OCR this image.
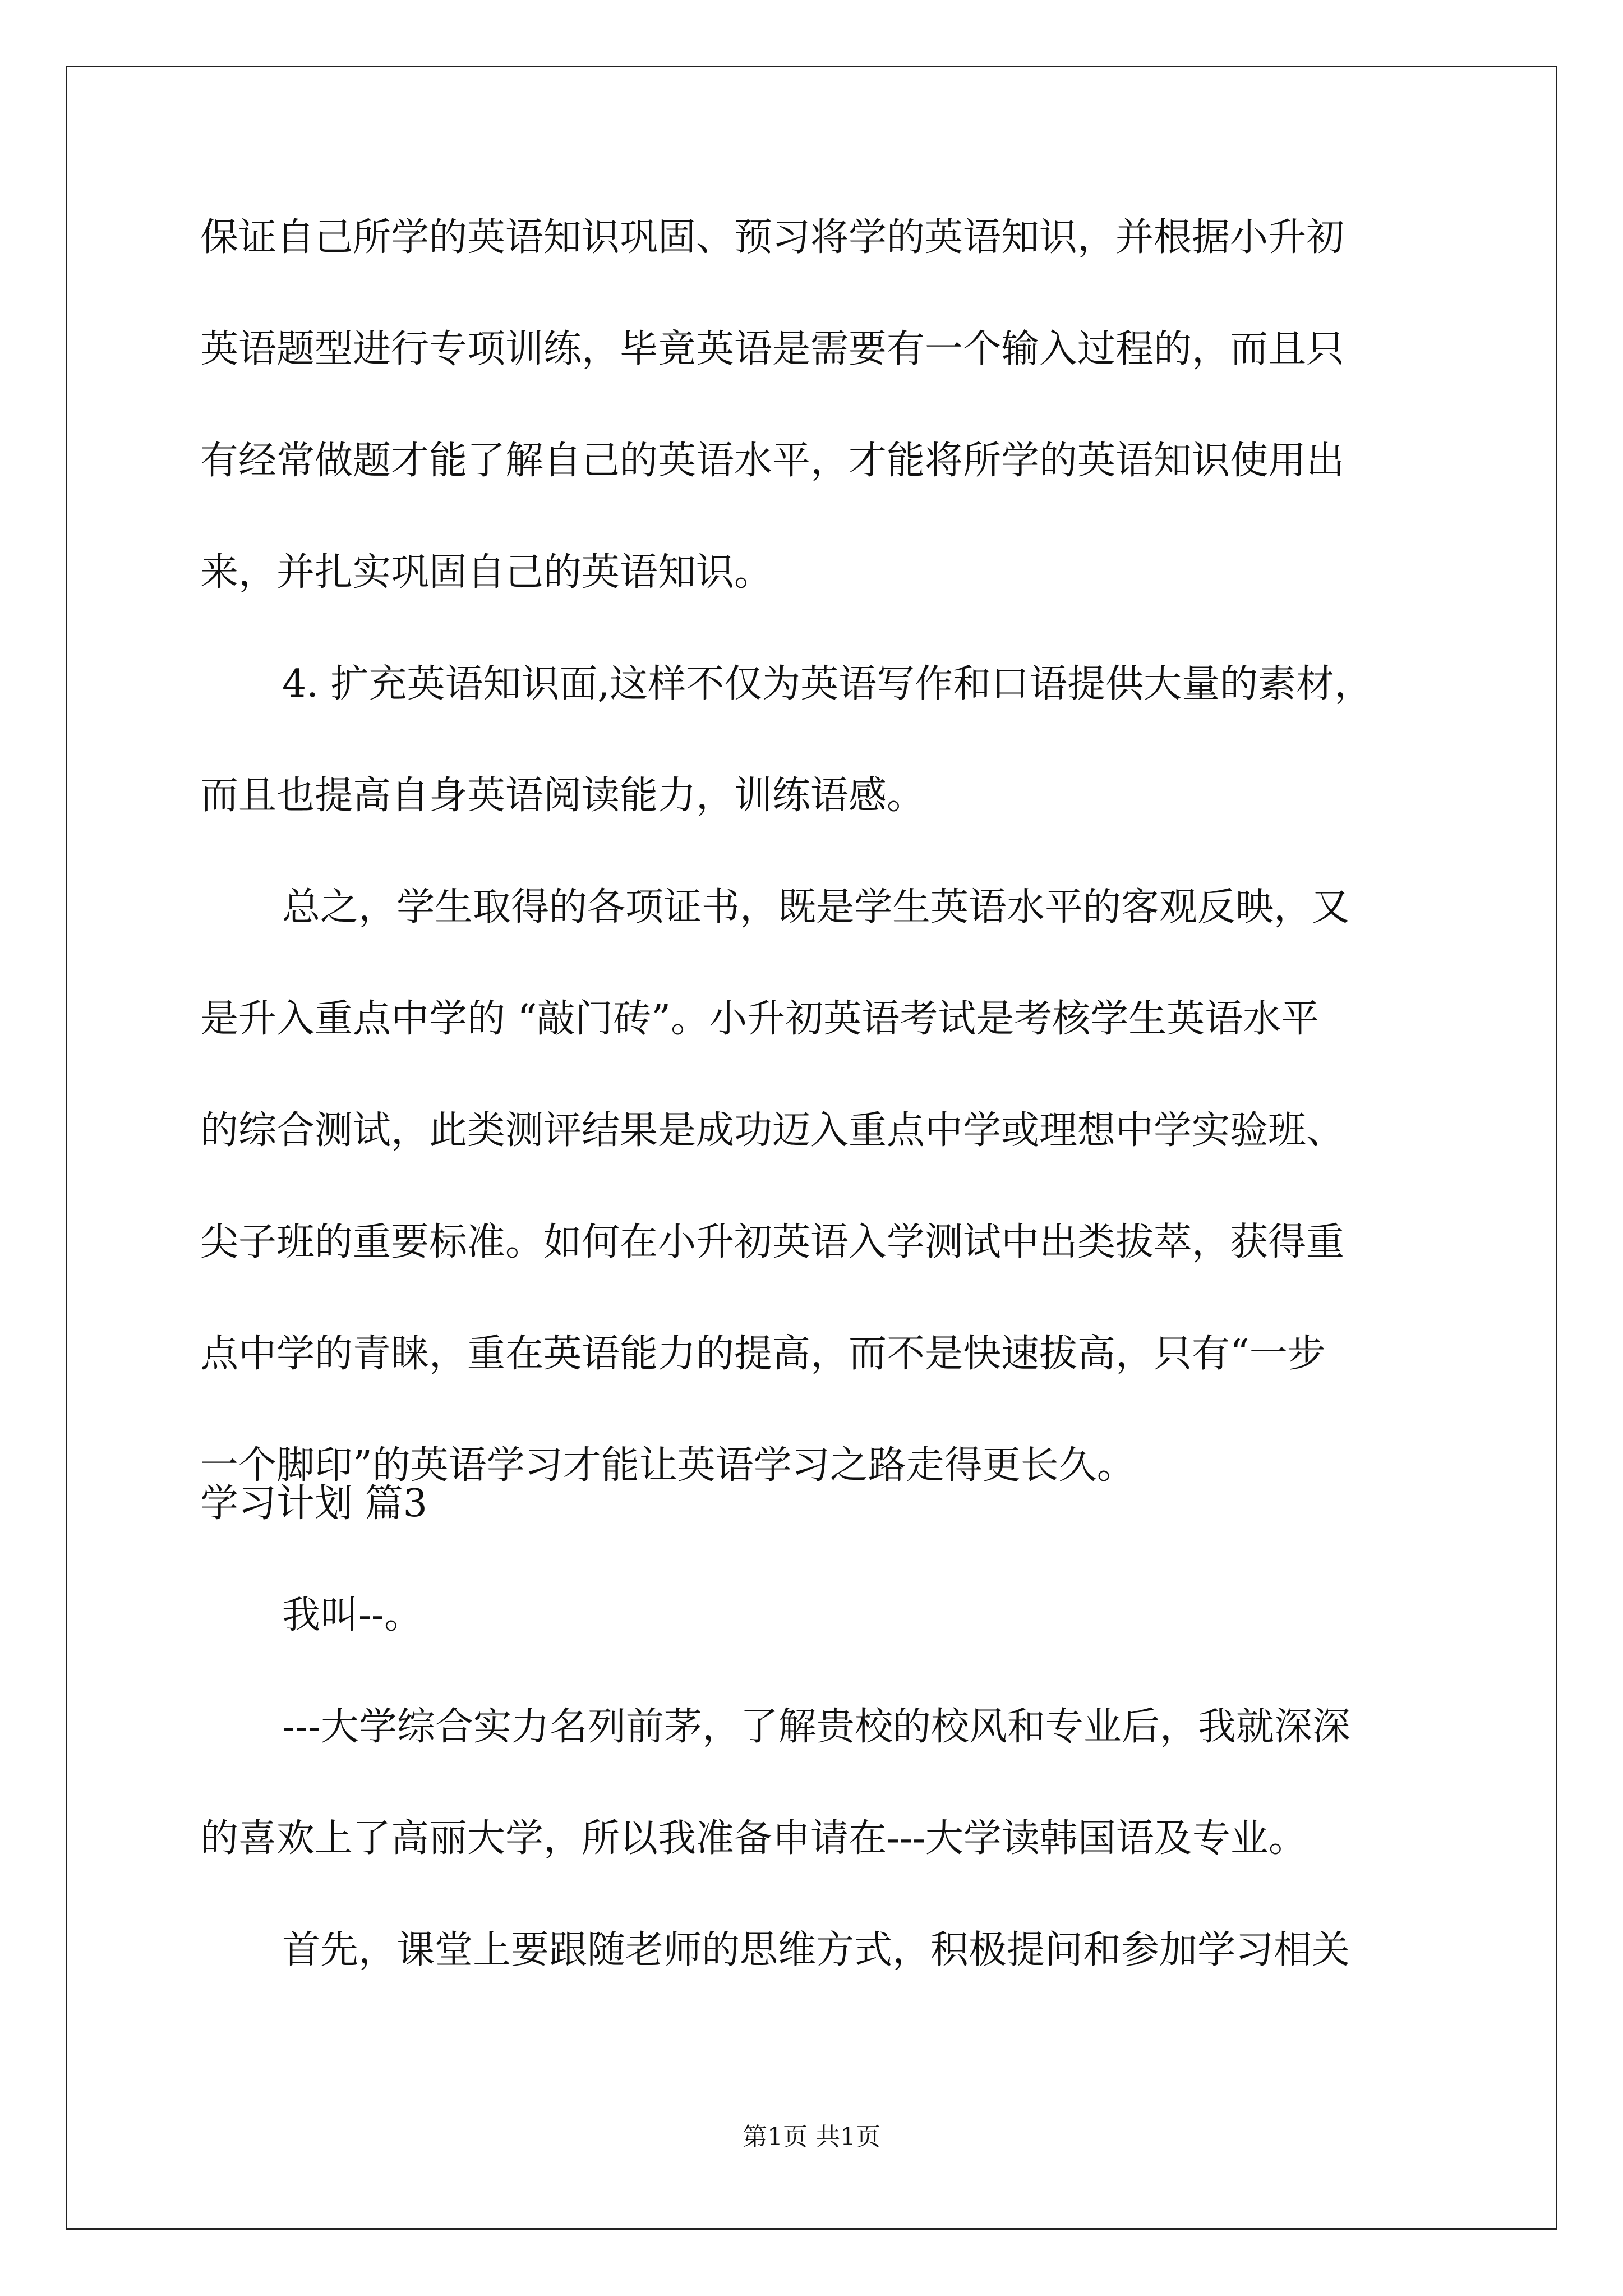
保证自己所学的英语知识巩固、预习将学的英语知识，并根据小升初

英语题型进行专项训练，毕竟英语是需要有一个输入过程的，而且只

有经常做题才能了解自己的英语水平，才能将所学的英语知识使用出

来，并扎实巩固自己的英语知识。

4. 扩充英语知识面,这样不仅为英语写作和口语提供大量的素材，

而且也提高自身英语阅读能力，训练语感。

总之，学生取得的各项证书，既是学生英语水平的客观反映，又

是升入重点中学的 “敲门砖”。小升初英语考试是考核学生英语水平

的综合测试，此类测评结果是成功迈入重点中学或理想中学实验班、

尖子班的重要标准。如何在小升初英语入学测试中出类拔萃，获得重

点中学的青睐，重在英语能力的提高，而不是快速拔高，只有“一步

一个脚印”的英语学习才能让英语学习之路走得更长久。

学习计划 篇3

我叫--。

---大学综合实力名列前茅，了解贵校的校风和专业后，我就深深

的喜欢上了高丽大学，所以我准备申请在---大学读韩国语及专业。

首先，课堂上要跟随老师的思维方式，积极提问和参加学习相关

第1页 共1页
